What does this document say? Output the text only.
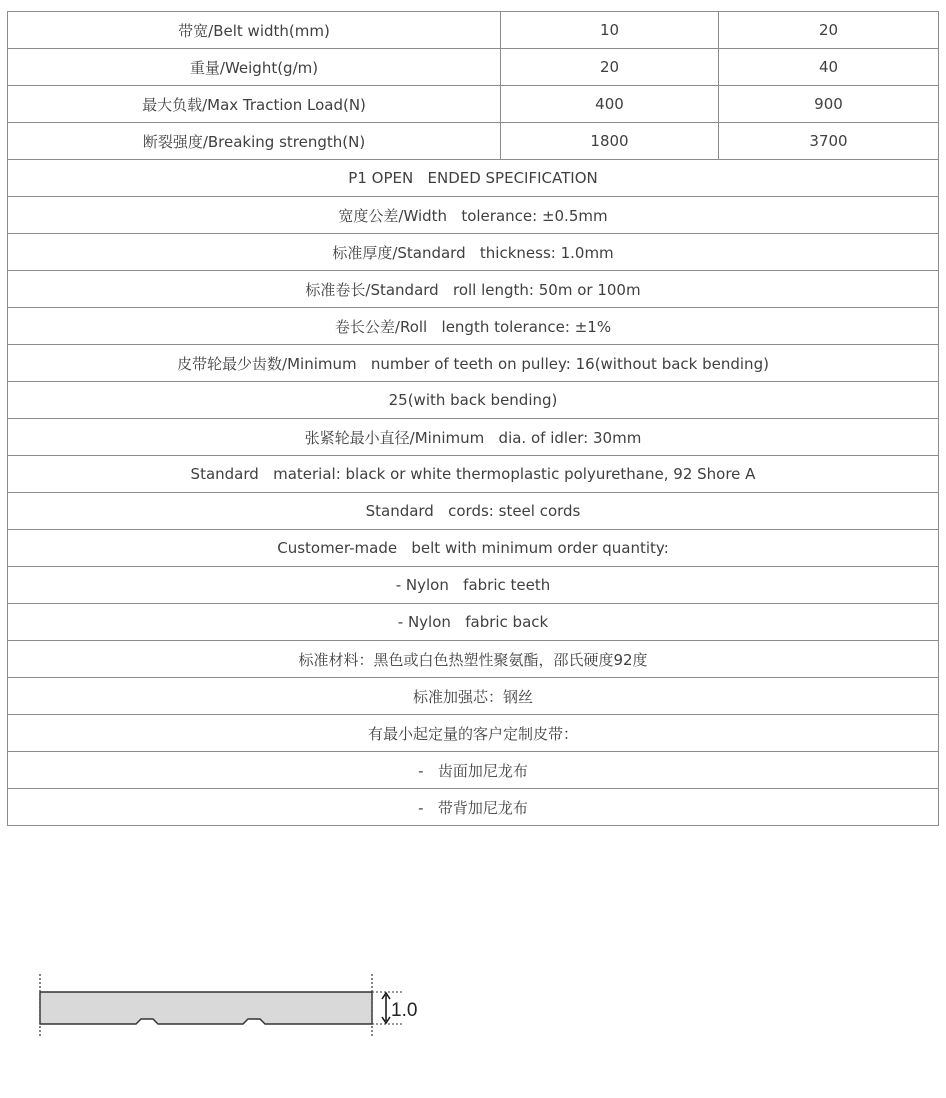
带宽/Belt width(mm)	10	20
重量/Weight(g/m)	20	40
最大负载/Max Traction Load(N)	400	900
断裂强度/Breaking strength(N)	1800	3700
P1 OPEN   ENDED SPECIFICATION		
宽度公差/Width   tolerance: ±0.5mm		
标准厚度/Standard   thickness: 1.0mm		
标准卷长/Standard   roll length: 50m or 100m		
卷长公差/Roll   length tolerance: ±1%		
皮带轮最少齿数/Minimum   number of teeth on pulley: 16(without back bending)		
25(with back bending)		
张紧轮最小直径/Minimum   dia. of idler: 30mm		
Standard   material: black or white thermoplastic polyurethane, 92 Shore A		
Standard   cords: steel cords		
Customer-made   belt with minimum order quantity:		
- Nylon   fabric teeth		
- Nylon   fabric back		
标准材料：黑色或白色热塑性聚氨酯，邵氏硬度92度		
标准加强芯：钢丝		
有最小起定量的客户定制皮带：		
-   齿面加尼龙布		
-   带背加尼龙布		
1.0
